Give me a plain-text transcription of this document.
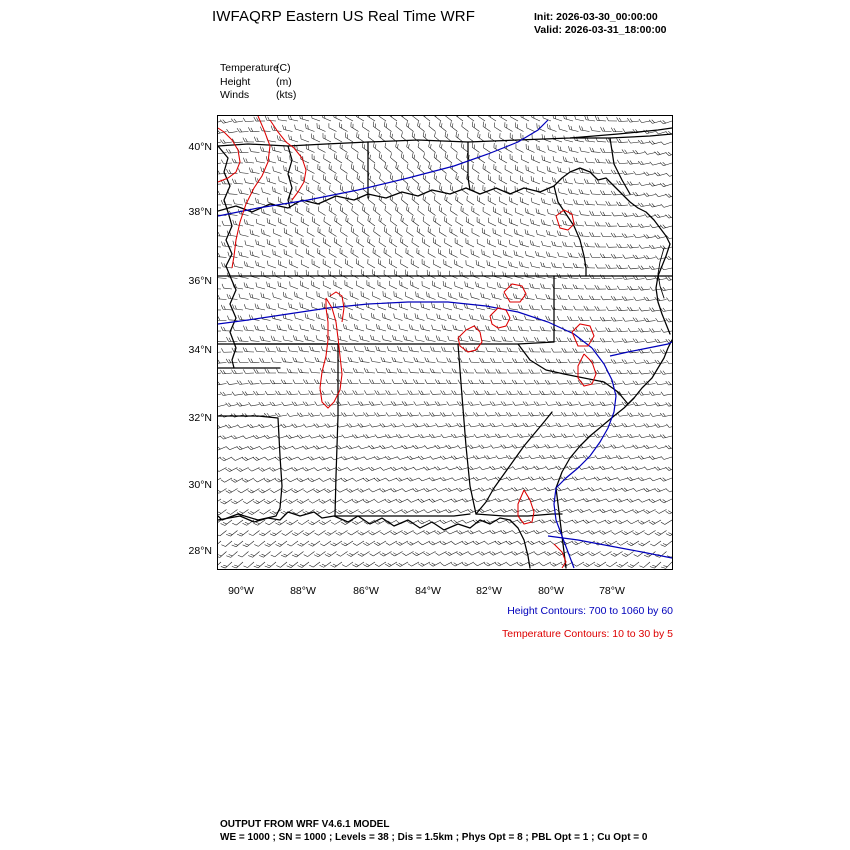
IWFAQRP Eastern US Real Time WRF	Init: 2026-03-30_00:00:00
Valid: 2026-03-31_18:00:00
Temperature(C)
Height (m)
Winds	(kts)
40°N
38°N
36°N
34°N
32°N
30°N
28°N
90°W	88°W	86°W	84°W	82°W	80°W	78°W
Height Contours: 700 to 1060 by 60
Temperature Contours: 10 to 30 by 5
OUTPUT FROM WRF V4.6.1 MODEL
WE = 1000 ; SN = 1000 ; Levels = 38 ; Dis = 1.5km ; Phys Opt = 8 ; PBL Opt = 1 ; Cu Opt = 0
